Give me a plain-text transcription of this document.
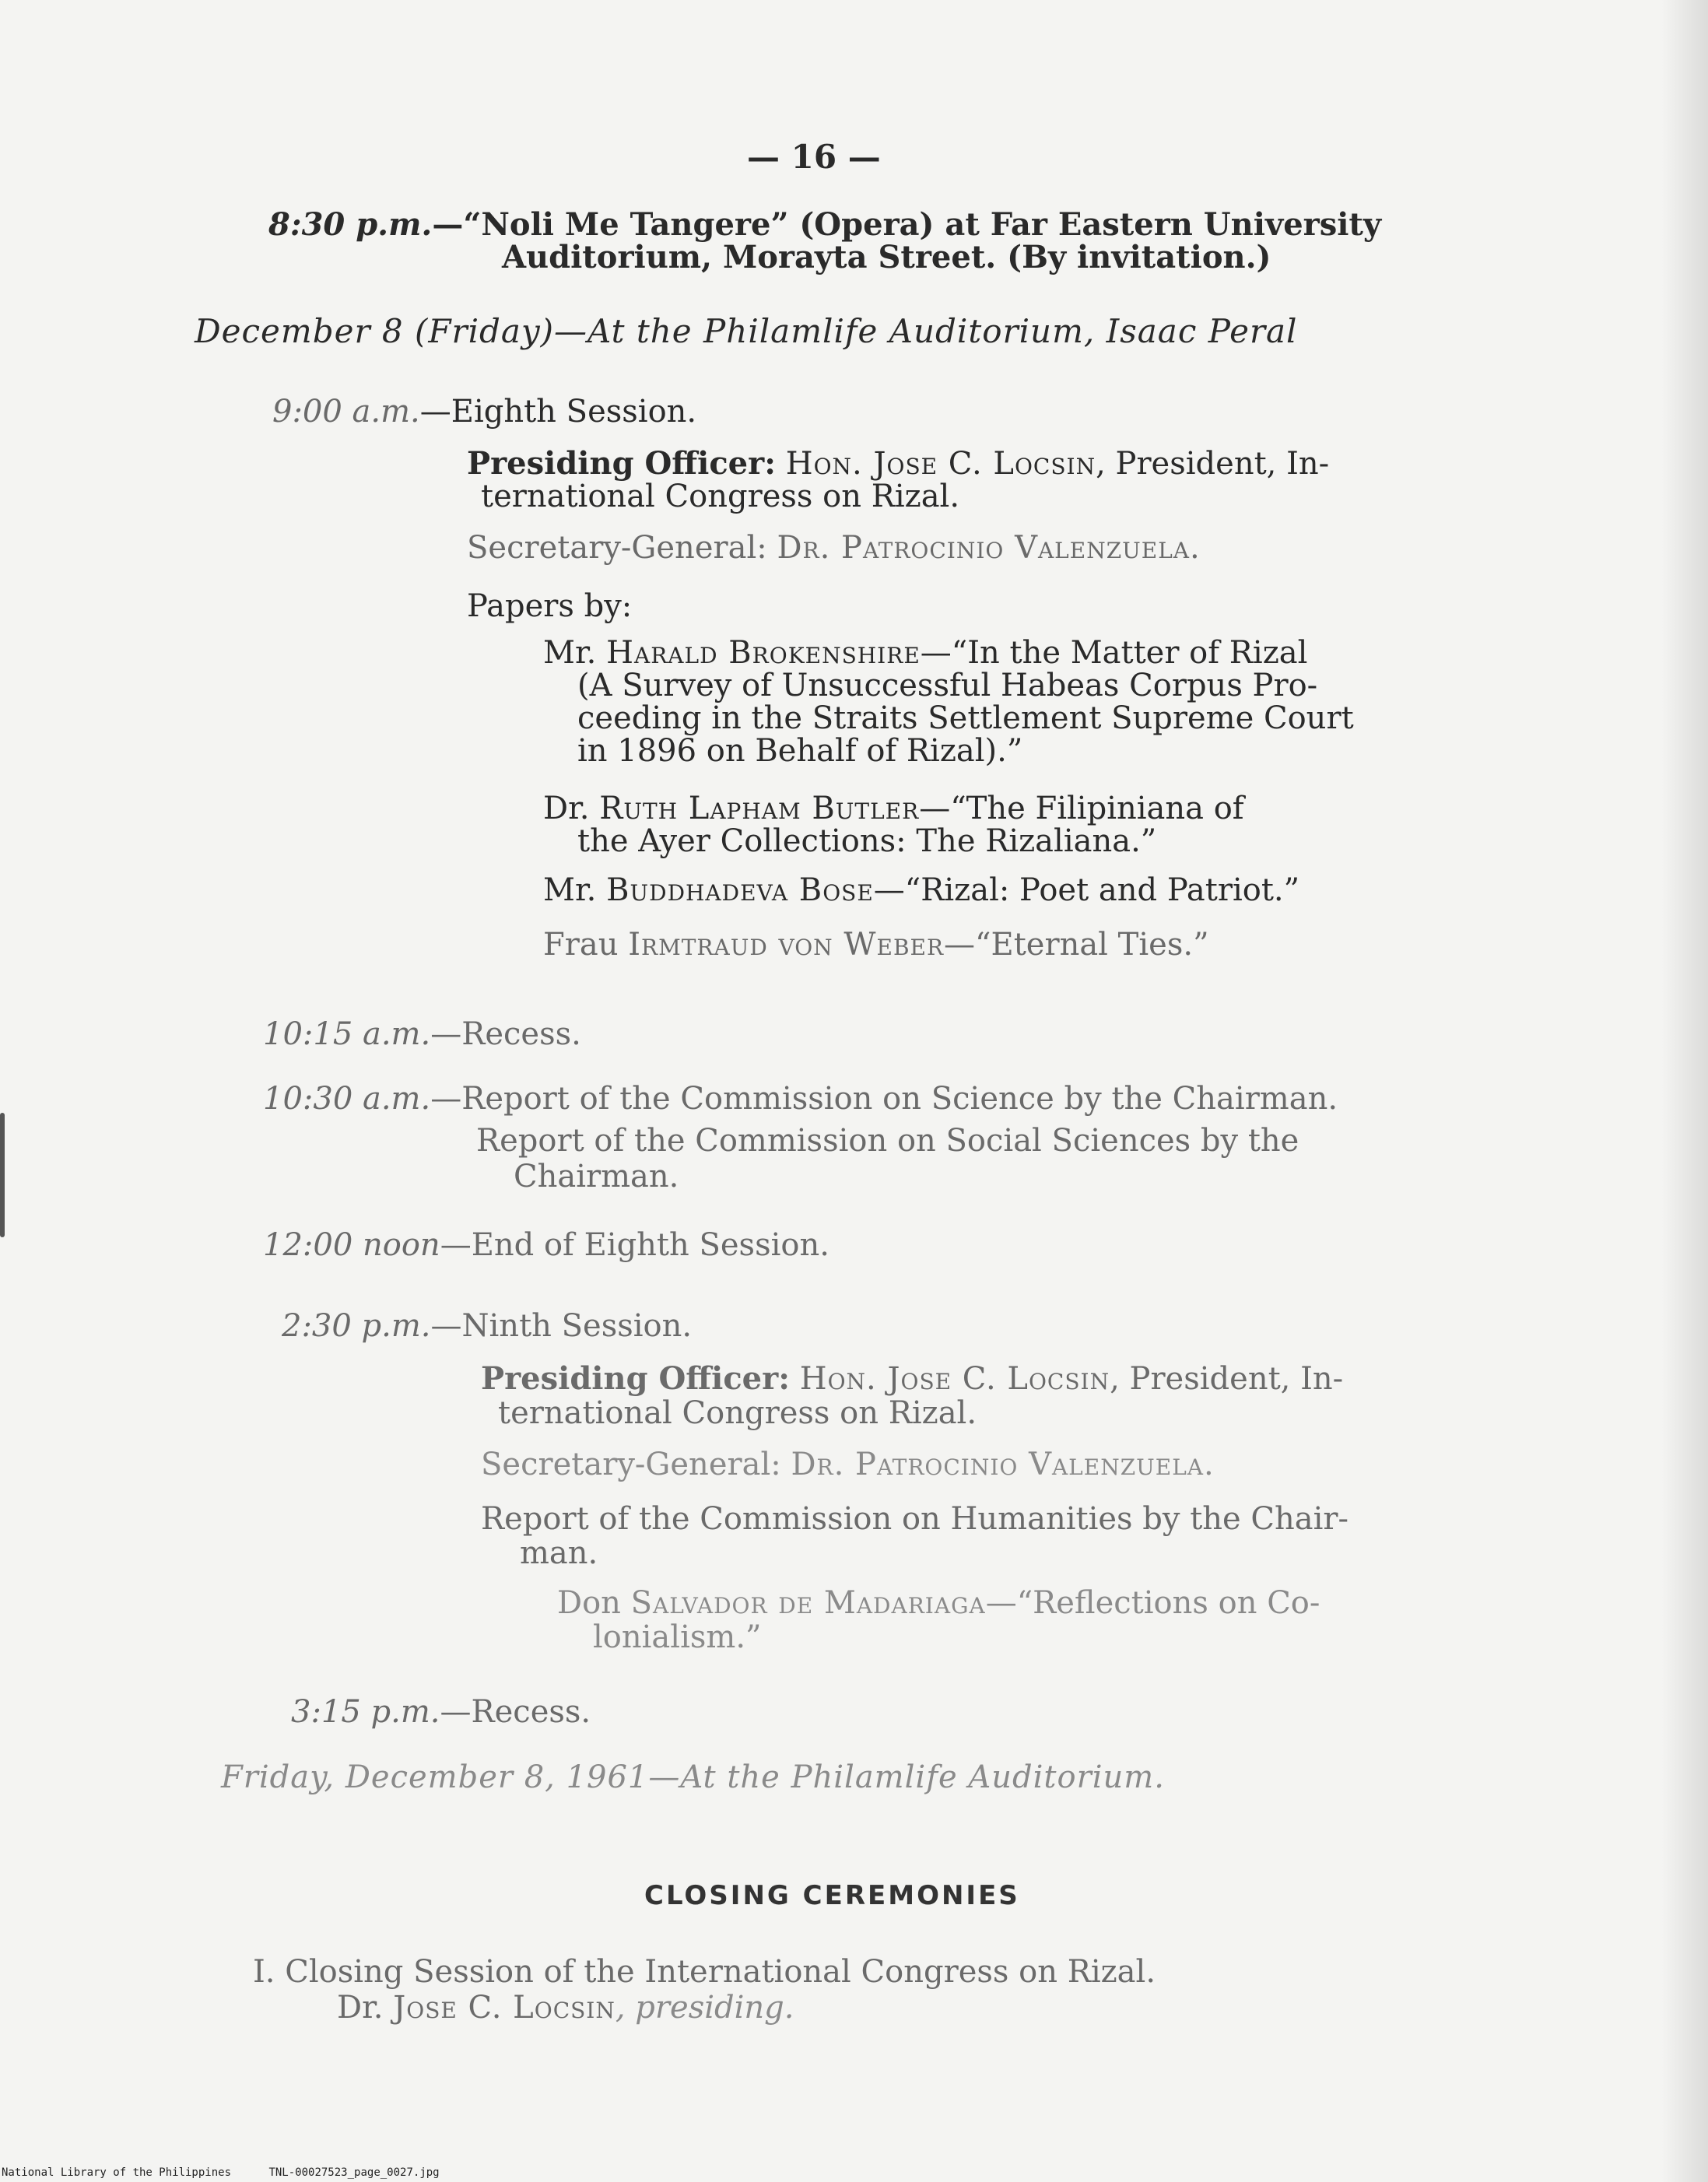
— 16 —
8:30 p.m.—“Noli Me Tangere” (Opera) at Far Eastern University
Auditorium, Morayta Street. (By invitation.)
December 8 (Friday)—At the Philamlife Auditorium, Isaac Peral
9:00 a.m.—Eighth Session.
Presiding Officer: Hon. Jose C. Locsin, President, In-
ternational Congress on Rizal.
Secretary-General: Dr. Patrocinio Valenzuela.
Papers by:
Mr. Harald Brokenshire—“In the Matter of Rizal
(A Survey of Unsuccessful Habeas Corpus Pro-
ceeding in the Straits Settlement Supreme Court
in 1896 on Behalf of Rizal).”
Dr. Ruth Lapham Butler—“The Filipiniana of
the Ayer Collections: The Rizaliana.”
Mr. Buddhadeva Bose—“Rizal: Poet and Patriot.”
Frau Irmtraud von Weber—“Eternal Ties.”
10:15 a.m.—Recess.
10:30 a.m.—Report of the Commission on Science by the Chairman.
Report of the Commission on Social Sciences by the
Chairman.
12:00 noon—End of Eighth Session.
2:30 p.m.—Ninth Session.
Presiding Officer: Hon. Jose C. Locsin, President, In-
ternational Congress on Rizal.
Secretary-General: Dr. Patrocinio Valenzuela.
Report of the Commission on Humanities by the Chair-
man.
Don Salvador de Madariaga—“Reflections on Co-
lonialism.”
3:15 p.m.—Recess.
Friday, December 8, 1961—At the Philamlife Auditorium.
CLOSING CEREMONIES
I. Closing Session of the International Congress on Rizal.
Dr. Jose C. Locsin, presiding.
National Library of the Philippines	TNL-00027523_page_0027.jpg
